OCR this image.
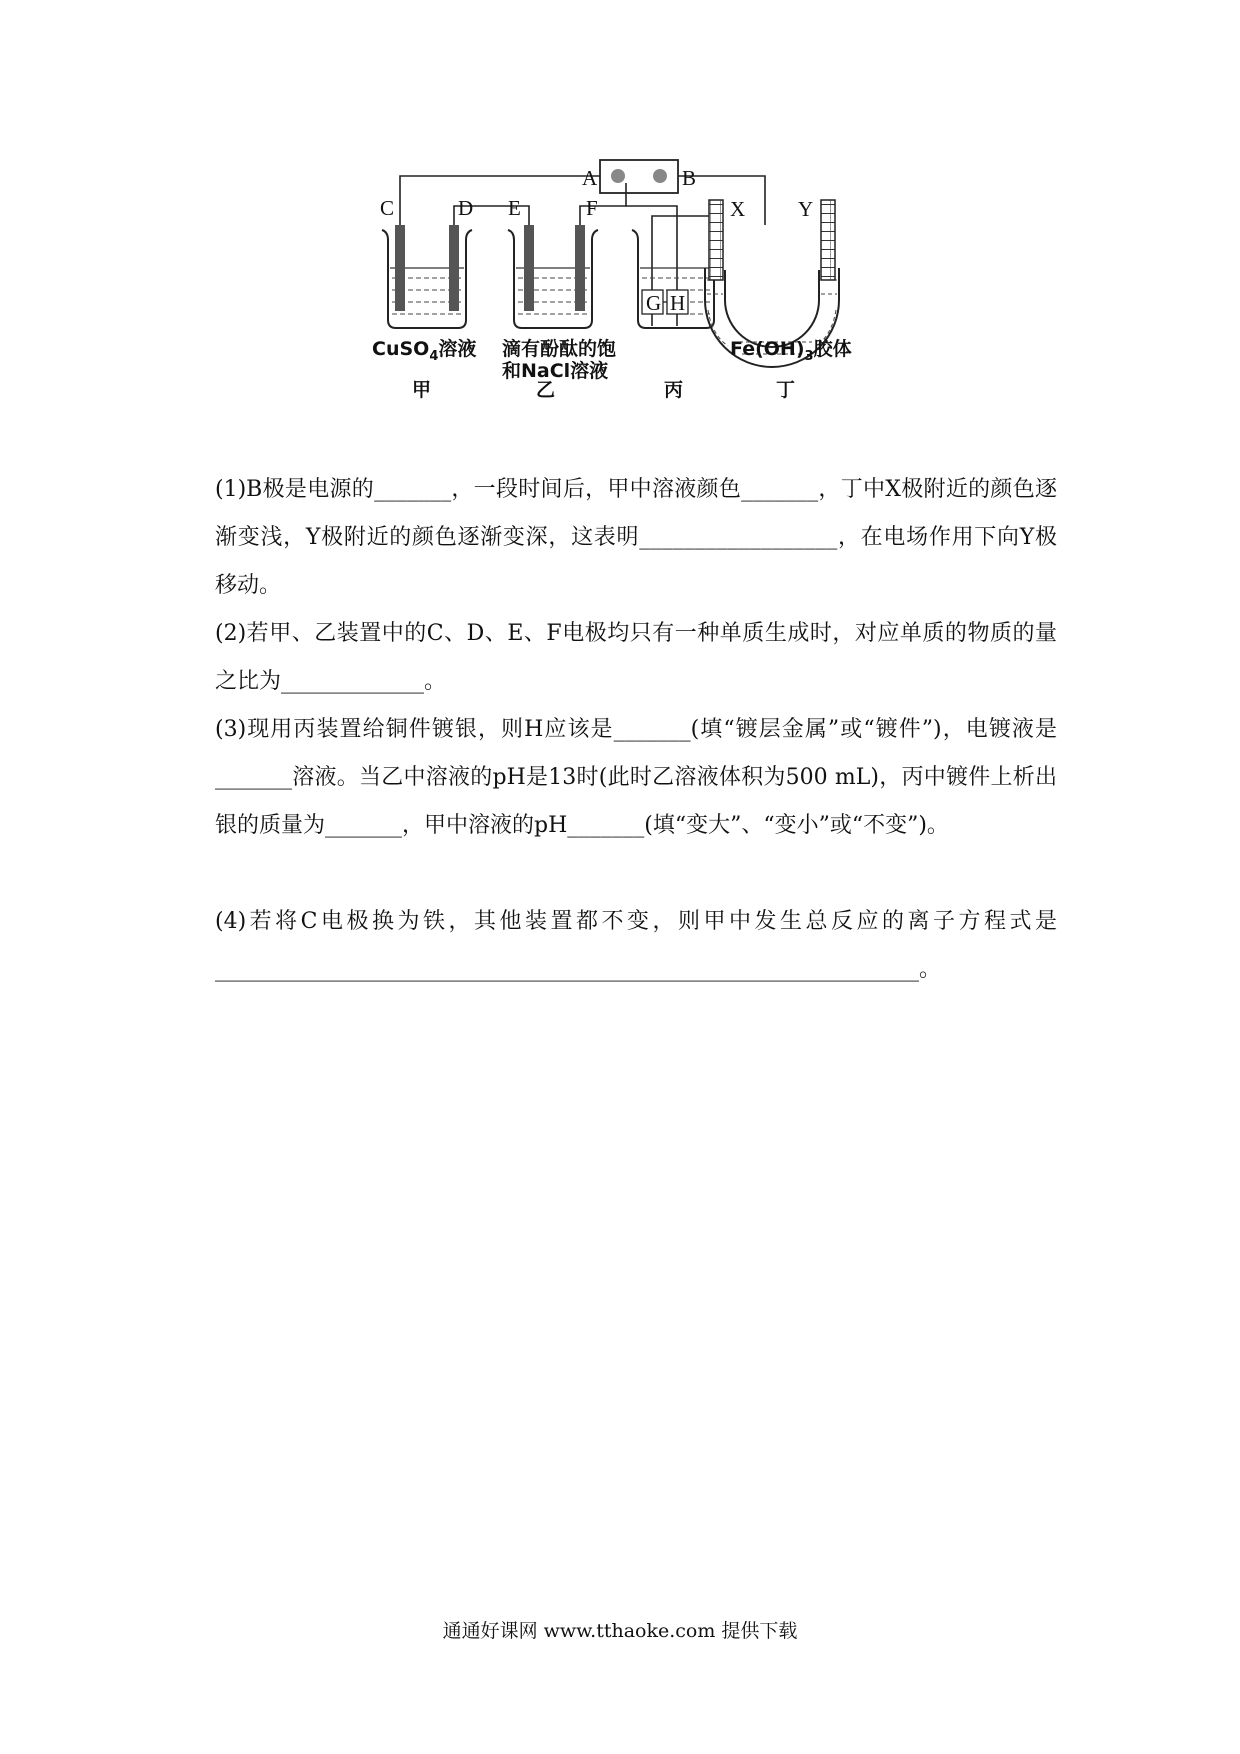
A	B
C	D E	F
G H
X	Y
CuSO$_4$溶液 滴有酚酞的饱
和NaCl溶液
$Fe(OH)_3$胶体
甲	乙	丙	丁

(1)B极是电源的_______，一段时间后，甲中溶液颜色_______，丁中X极附近的颜色逐渐变浅，Y极附近的颜色逐渐变深，这表明__________________，在电场作用下向Y极移动。

(2)若甲、乙装置中的C、D、E、F电极均只有一种单质生成时，对应单质的物质的量之比为_____________。

(3)现用丙装置给铜件镀银，则H应该是_______(填“镀层金属”或“镀件”)，电镀液是_______溶液。当乙中溶液的pH是13时(此时乙溶液体积为500 mL)，丙中镀件上析出银的质量为_______，甲中溶液的pH_______(填“变大”、“变小”或“不变”)。

(4)若将C电极换为铁，其他装置都不变，则甲中发生总反应的离子方程式是________________________________________________________________。

通通好课网 www.tthaoke.com 提供下载
